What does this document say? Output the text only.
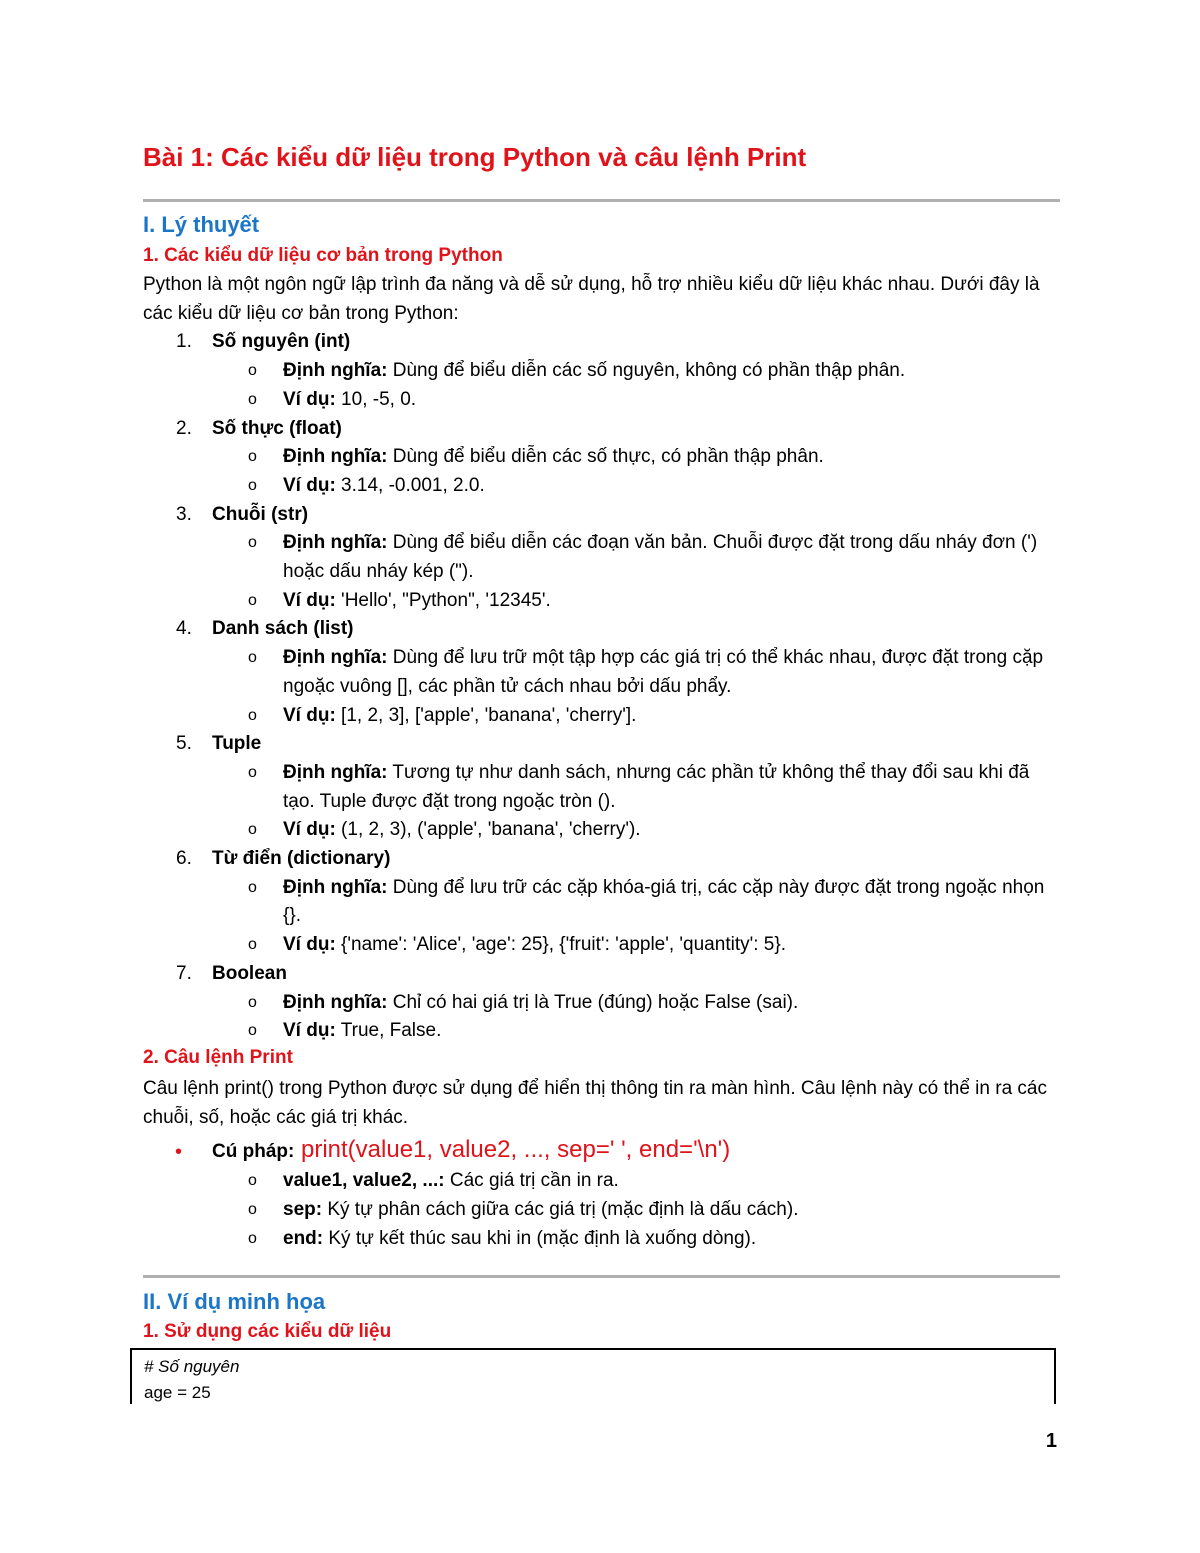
Bài 1: Các kiểu dữ liệu trong Python và câu lệnh Print
I. Lý thuyết
1. Các kiểu dữ liệu cơ bản trong Python

Python là một ngôn ngữ lập trình đa năng và dễ sử dụng, hỗ trợ nhiều kiểu dữ liệu khác nhau. Dưới đây là các kiểu dữ liệu cơ bản trong Python:

1. Số nguyên (int)
o Định nghĩa: Dùng để biểu diễn các số nguyên, không có phần thập phân.
o Ví dụ: 10, -5, 0.
2. Số thực (float)
o Định nghĩa: Dùng để biểu diễn các số thực, có phần thập phân.
o Ví dụ: 3.14, -0.001, 2.0.
3. Chuỗi (str)
o Định nghĩa: Dùng để biểu diễn các đoạn văn bản. Chuỗi được đặt trong dấu nháy đơn (') hoặc dấu nháy kép (").
o Ví dụ: 'Hello', "Python", '12345'.
4. Danh sách (list)
o Định nghĩa: Dùng để lưu trữ một tập hợp các giá trị có thể khác nhau, được đặt trong cặp ngoặc vuông [], các phần tử cách nhau bởi dấu phẩy.
o Ví dụ: [1, 2, 3], ['apple', 'banana', 'cherry'].
5. Tuple
o Định nghĩa: Tương tự như danh sách, nhưng các phần tử không thể thay đổi sau khi đã tạo. Tuple được đặt trong ngoặc tròn ().
o Ví dụ: (1, 2, 3), ('apple', 'banana', 'cherry').
6. Từ điển (dictionary)
o Định nghĩa: Dùng để lưu trữ các cặp khóa-giá trị, các cặp này được đặt trong ngoặc nhọn {}.
o Ví dụ: {'name': 'Alice', 'age': 25}, {'fruit': 'apple', 'quantity': 5}.
7. Boolean
o Định nghĩa: Chỉ có hai giá trị là True (đúng) hoặc False (sai).
o Ví dụ: True, False.
2. Câu lệnh Print

Câu lệnh print() trong Python được sử dụng để hiển thị thông tin ra màn hình. Câu lệnh này có thể in ra các chuỗi, số, hoặc các giá trị khác.

• Cú pháp: print(value1, value2, ..., sep=' ', end='\n')
o value1, value2, ...: Các giá trị cần in ra.
o sep: Ký tự phân cách giữa các giá trị (mặc định là dấu cách).
o end: Ký tự kết thúc sau khi in (mặc định là xuống dòng).
II. Ví dụ minh họa
1. Sử dụng các kiểu dữ liệu
# Số nguyên
age = 25
1
